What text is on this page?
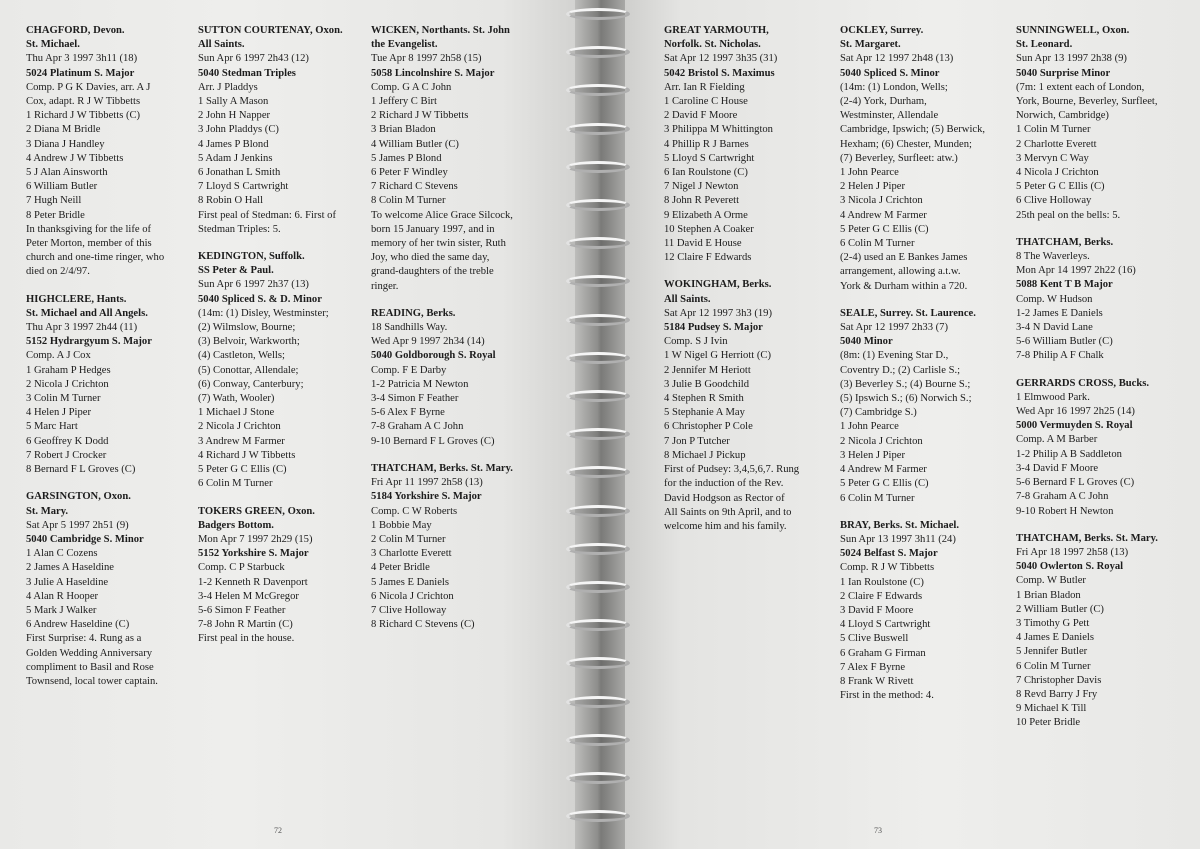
CHAGFORD, Devon.
St. Michael.
Thu Apr 3 1997 3h11 (18)
5024 Platinum S. Major
Comp. P G K Davies, arr. A J
Cox, adapt. R J W Tibbetts
1 Richard J W Tibbetts (C)
2 Diana M Bridle
3 Diana J Handley
4 Andrew J W Tibbetts
5 J Alan Ainsworth
6 William Butler
7 Hugh Neill
8 Peter Bridle
In thanksgiving for the life of
Peter Morton, member of this
church and one-time ringer, who
died on 2/4/97.
HIGHCLERE, Hants.
St. Michael and All Angels.
Thu Apr 3 1997 2h44 (11)
5152 Hydrargyum S. Major
Comp. A J Cox
1 Graham P Hedges
2 Nicola J Crichton
3 Colin M Turner
4 Helen J Piper
5 Marc Hart
6 Geoffrey K Dodd
7 Robert J Crocker
8 Bernard F L Groves (C)
GARSINGTON, Oxon.
St. Mary.
Sat Apr 5 1997 2h51 (9)
5040 Cambridge S. Minor
1 Alan C Cozens
2 James A Haseldine
3 Julie A Haseldine
4 Alan R Hooper
5 Mark J Walker
6 Andrew Haseldine (C)
First Surprise: 4. Rung as a
Golden Wedding Anniversary
compliment to Basil and Rose
Townsend, local tower captain.
SUTTON COURTENAY, Oxon.
All Saints.
Sun Apr 6 1997 2h43 (12)
5040 Stedman Triples
Arr. J Pladdys
1 Sally A Mason
2 John H Napper
3 John Pladdys (C)
4 James P Blond
5 Adam J Jenkins
6 Jonathan L Smith
7 Lloyd S Cartwright
8 Robin O Hall
First peal of Stedman: 6. First of
Stedman Triples: 5.
KEDINGTON, Suffolk.
SS Peter & Paul.
Sun Apr 6 1997 2h37 (13)
5040 Spliced S. & D. Minor
(14m: (1) Disley, Westminster;
(2) Wilmslow, Bourne;
(3) Belvoir, Warkworth;
(4) Castleton, Wells;
(5) Conottar, Allendale;
(6) Conway, Canterbury;
(7) Wath, Wooler)
1 Michael J Stone
2 Nicola J Crichton
3 Andrew M Farmer
4 Richard J W Tibbetts
5 Peter G C Ellis (C)
6 Colin M Turner
TOKERS GREEN, Oxon.
Badgers Bottom.
Mon Apr 7 1997 2h29 (15)
5152 Yorkshire S. Major
Comp. C P Starbuck
1-2 Kenneth R Davenport
3-4 Helen M McGregor
5-6 Simon F Feather
7-8 John R Martin (C)
First peal in the house.
WICKEN, Northants. St. John
the Evangelist.
Tue Apr 8 1997 2h58 (15)
5058 Lincolnshire S. Major
Comp. G A C John
1 Jeffery C Birt
2 Richard J W Tibbetts
3 Brian Bladon
4 William Butler (C)
5 James P Blond
6 Peter F Windley
7 Richard C Stevens
8 Colin M Turner
To welcome Alice Grace Silcock,
born 15 January 1997, and in
memory of her twin sister, Ruth
Joy, who died the same day,
grand-daughters of the treble
ringer.
READING, Berks.
18 Sandhills Way.
Wed Apr 9 1997 2h34 (14)
5040 Goldborough S. Royal
Comp. F E Darby
1-2 Patricia M Newton
3-4 Simon F Feather
5-6 Alex F Byrne
7-8 Graham A C John
9-10 Bernard F L Groves (C)
THATCHAM, Berks. St. Mary.
Fri Apr 11 1997 2h58 (13)
5184 Yorkshire S. Major
Comp. C W Roberts
1 Bobbie May
2 Colin M Turner
3 Charlotte Everett
4 Peter Bridle
5 James E Daniels
6 Nicola J Crichton
7 Clive Holloway
8 Richard C Stevens (C)
72
GREAT YARMOUTH,
Norfolk. St. Nicholas.
Sat Apr 12 1997 3h35 (31)
5042 Bristol S. Maximus
Arr. Ian R Fielding
1 Caroline C House
2 David F Moore
3 Philippa M Whittington
4 Phillip R J Barnes
5 Lloyd S Cartwright
6 Ian Roulstone (C)
7 Nigel J Newton
8 John R Peverett
9 Elizabeth A Orme
10 Stephen A Coaker
11 David E House
12 Claire F Edwards
WOKINGHAM, Berks.
All Saints.
Sat Apr 12 1997 3h3 (19)
5184 Pudsey S. Major
Comp. S J Ivin
1 W Nigel G Herriott (C)
2 Jennifer M Heriott
3 Julie B Goodchild
4 Stephen R Smith
5 Stephanie A May
6 Christopher P Cole
7 Jon P Tutcher
8 Michael J Pickup
First of Pudsey: 3,4,5,6,7. Rung
for the induction of the Rev.
David Hodgson as Rector of
All Saints on 9th April, and to
welcome him and his family.
OCKLEY, Surrey.
St. Margaret.
Sat Apr 12 1997 2h48 (13)
5040 Spliced S. Minor
(14m: (1) London, Wells;
(2-4) York, Durham,
Westminster, Allendale
Cambridge, Ipswich; (5) Berwick,
Hexham; (6) Chester, Munden;
(7) Beverley, Surfleet: atw.)
1 John Pearce
2 Helen J Piper
3 Nicola J Crichton
4 Andrew M Farmer
5 Peter G C Ellis (C)
6 Colin M Turner
(2-4) used an E Bankes James
arrangement, allowing a.t.w.
York & Durham within a 720.
SEALE, Surrey. St. Laurence.
Sat Apr 12 1997 2h33 (7)
5040 Minor
(8m: (1) Evening Star D.,
Coventry D.; (2) Carlisle S.;
(3) Beverley S.; (4) Bourne S.;
(5) Ipswich S.; (6) Norwich S.;
(7) Cambridge S.)
1 John Pearce
2 Nicola J Crichton
3 Helen J Piper
4 Andrew M Farmer
5 Peter G C Ellis (C)
6 Colin M Turner
BRAY, Berks. St. Michael.
Sun Apr 13 1997 3h11 (24)
5024 Belfast S. Major
Comp. R J W Tibbetts
1 Ian Roulstone (C)
2 Claire F Edwards
3 David F Moore
4 Lloyd S Cartwright
5 Clive Buswell
6 Graham G Firman
7 Alex F Byrne
8 Frank W Rivett
First in the method: 4.
SUNNINGWELL, Oxon.
St. Leonard.
Sun Apr 13 1997 2h38 (9)
5040 Surprise Minor
(7m: 1 extent each of London,
York, Bourne, Beverley, Surfleet,
Norwich, Cambridge)
1 Colin M Turner
2 Charlotte Everett
3 Mervyn C Way
4 Nicola J Crichton
5 Peter G C Ellis (C)
6 Clive Holloway
25th peal on the bells: 5.
THATCHAM, Berks.
8 The Waverleys.
Mon Apr 14 1997 2h22 (16)
5088 Kent T B Major
Comp. W Hudson
1-2 James E Daniels
3-4 N David Lane
5-6 William Butler (C)
7-8 Philip A F Chalk
GERRARDS CROSS, Bucks.
1 Elmwood Park.
Wed Apr 16 1997 2h25 (14)
5000 Vermuyden S. Royal
Comp. A M Barber
1-2 Philip A B Saddleton
3-4 David F Moore
5-6 Bernard F L Groves (C)
7-8 Graham A C John
9-10 Robert H Newton
THATCHAM, Berks. St. Mary.
Fri Apr 18 1997 2h58 (13)
5040 Owlerton S. Royal
Comp. W Butler
1 Brian Bladon
2 William Butler (C)
3 Timothy G Pett
4 James E Daniels
5 Jennifer Butler
6 Colin M Turner
7 Christopher Davis
8 Revd Barry J Fry
9 Michael K Till
10 Peter Bridle
73
